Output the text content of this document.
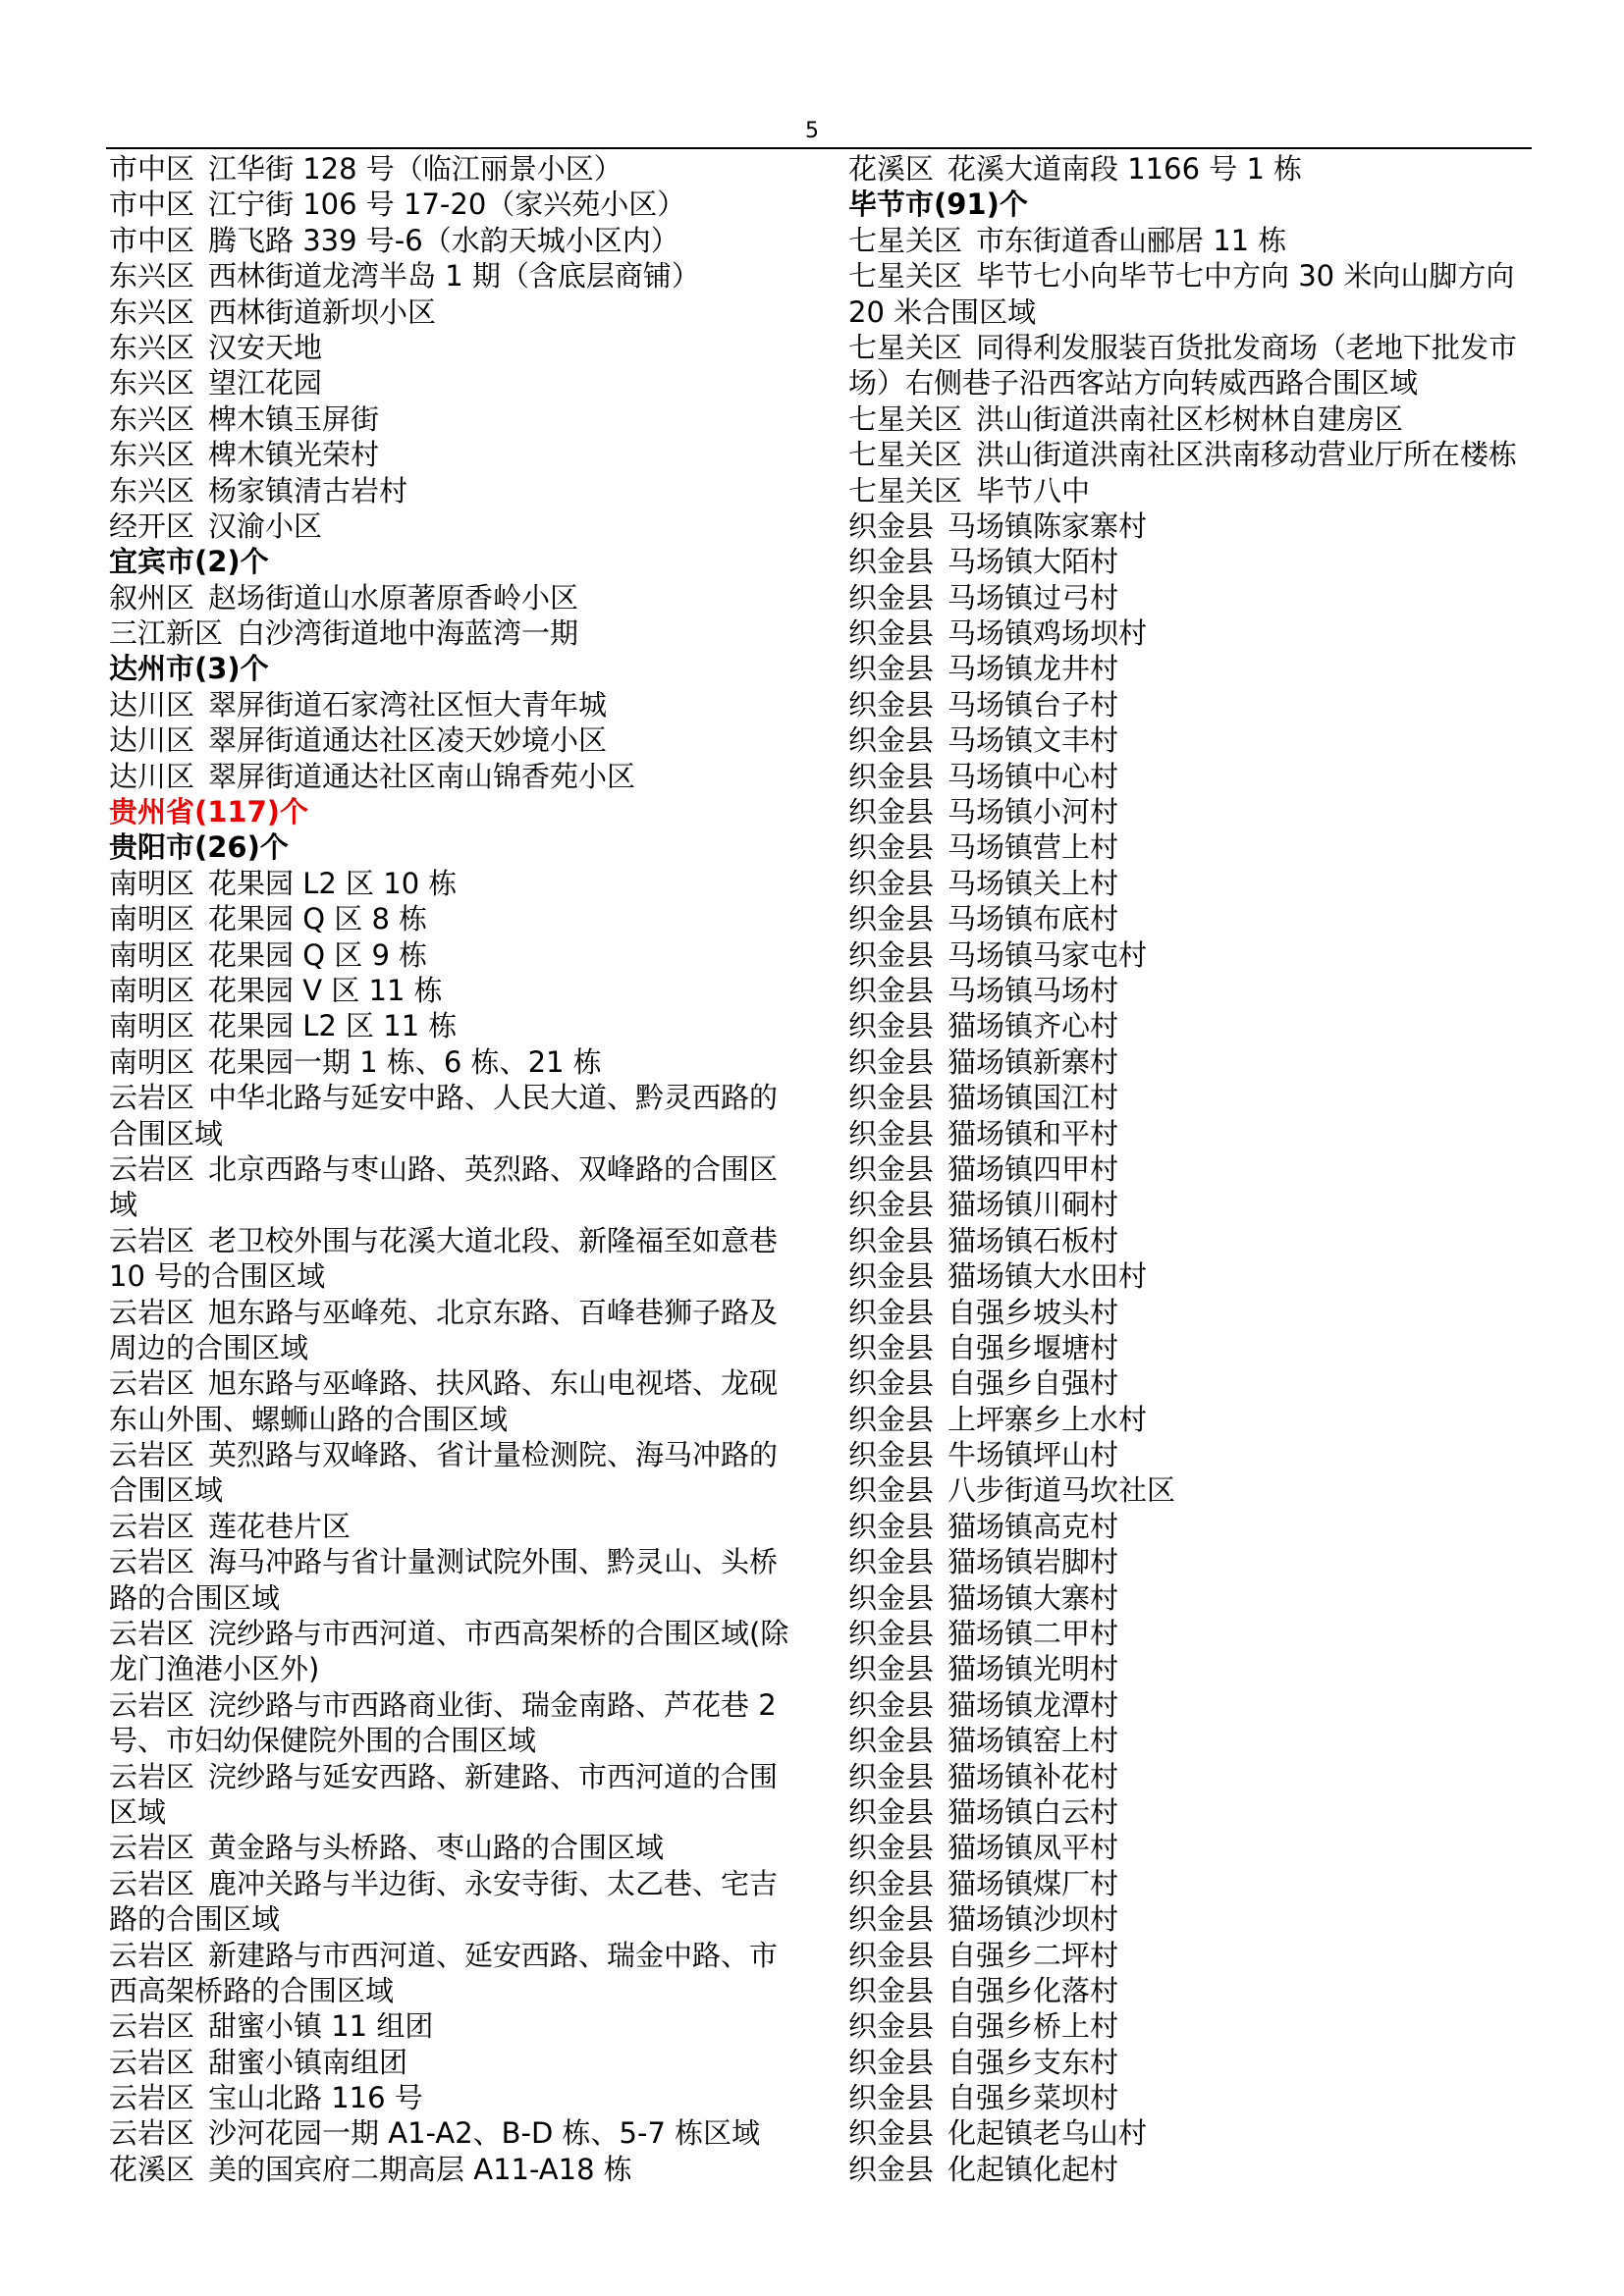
5
市中区 江华街 128 号（临江丽景小区）
市中区 江宁街 106 号 17-20（家兴苑小区）
市中区 腾飞路 339 号-6（水韵天城小区内）
东兴区 西林街道龙湾半岛 1 期（含底层商铺）
东兴区 西林街道新坝小区
东兴区 汉安天地
东兴区 望江花园
东兴区 椑木镇玉屏街
东兴区 椑木镇光荣村
东兴区 杨家镇清古岩村
经开区 汉渝小区
宜宾市(2)个
叙州区 赵场街道山水原著原香岭小区
三江新区 白沙湾街道地中海蓝湾一期
达州市(3)个
达川区 翠屏街道石家湾社区恒大青年城
达川区 翠屏街道通达社区凌天妙境小区
达川区 翠屏街道通达社区南山锦香苑小区
贵州省(117)个
贵阳市(26)个
南明区 花果园 L2 区 10 栋
南明区 花果园 Q 区 8 栋
南明区 花果园 Q 区 9 栋
南明区 花果园 V 区 11 栋
南明区 花果园 L2 区 11 栋
南明区 花果园一期 1 栋、6 栋、21 栋
云岩区 中华北路与延安中路、人民大道、黔灵西路的
合围区域
云岩区 北京西路与枣山路、英烈路、双峰路的合围区
域
云岩区 老卫校外围与花溪大道北段、新隆福至如意巷
10 号的合围区域
云岩区 旭东路与巫峰苑、北京东路、百峰巷狮子路及
周边的合围区域
云岩区 旭东路与巫峰路、扶风路、东山电视塔、龙砚
东山外围、螺蛳山路的合围区域
云岩区 英烈路与双峰路、省计量检测院、海马冲路的
合围区域
云岩区 莲花巷片区
云岩区 海马冲路与省计量测试院外围、黔灵山、头桥
路的合围区域
云岩区 浣纱路与市西河道、市西高架桥的合围区域(除
龙门渔港小区外)
云岩区 浣纱路与市西路商业街、瑞金南路、芦花巷 2
号、市妇幼保健院外围的合围区域
云岩区 浣纱路与延安西路、新建路、市西河道的合围
区域
云岩区 黄金路与头桥路、枣山路的合围区域
云岩区 鹿冲关路与半边街、永安寺街、太乙巷、宅吉
路的合围区域
云岩区 新建路与市西河道、延安西路、瑞金中路、市
西高架桥路的合围区域
云岩区 甜蜜小镇 11 组团
云岩区 甜蜜小镇南组团
云岩区 宝山北路 116 号
云岩区 沙河花园一期 A1-A2、B-D 栋、5-7 栋区域
花溪区 美的国宾府二期高层 A11-A18 栋
花溪区 花溪大道南段 1166 号 1 栋
毕节市(91)个
七星关区 市东街道香山郦居 11 栋
七星关区 毕节七小向毕节七中方向 30 米向山脚方向
20 米合围区域
七星关区 同得利发服装百货批发商场（老地下批发市
场）右侧巷子沿西客站方向转威西路合围区域
七星关区 洪山街道洪南社区杉树林自建房区
七星关区 洪山街道洪南社区洪南移动营业厅所在楼栋
七星关区 毕节八中
织金县 马场镇陈家寨村
织金县 马场镇大陌村
织金县 马场镇过弓村
织金县 马场镇鸡场坝村
织金县 马场镇龙井村
织金县 马场镇台子村
织金县 马场镇文丰村
织金县 马场镇中心村
织金县 马场镇小河村
织金县 马场镇营上村
织金县 马场镇关上村
织金县 马场镇布底村
织金县 马场镇马家屯村
织金县 马场镇马场村
织金县 猫场镇齐心村
织金县 猫场镇新寨村
织金县 猫场镇国江村
织金县 猫场镇和平村
织金县 猫场镇四甲村
织金县 猫场镇川硐村
织金县 猫场镇石板村
织金县 猫场镇大水田村
织金县 自强乡坡头村
织金县 自强乡堰塘村
织金县 自强乡自强村
织金县 上坪寨乡上水村
织金县 牛场镇坪山村
织金县 八步街道马坎社区
织金县 猫场镇高克村
织金县 猫场镇岩脚村
织金县 猫场镇大寨村
织金县 猫场镇二甲村
织金县 猫场镇光明村
织金县 猫场镇龙潭村
织金县 猫场镇窑上村
织金县 猫场镇补花村
织金县 猫场镇白云村
织金县 猫场镇凤平村
织金县 猫场镇煤厂村
织金县 猫场镇沙坝村
织金县 自强乡二坪村
织金县 自强乡化落村
织金县 自强乡桥上村
织金县 自强乡支东村
织金县 自强乡菜坝村
织金县 化起镇老乌山村
织金县 化起镇化起村
